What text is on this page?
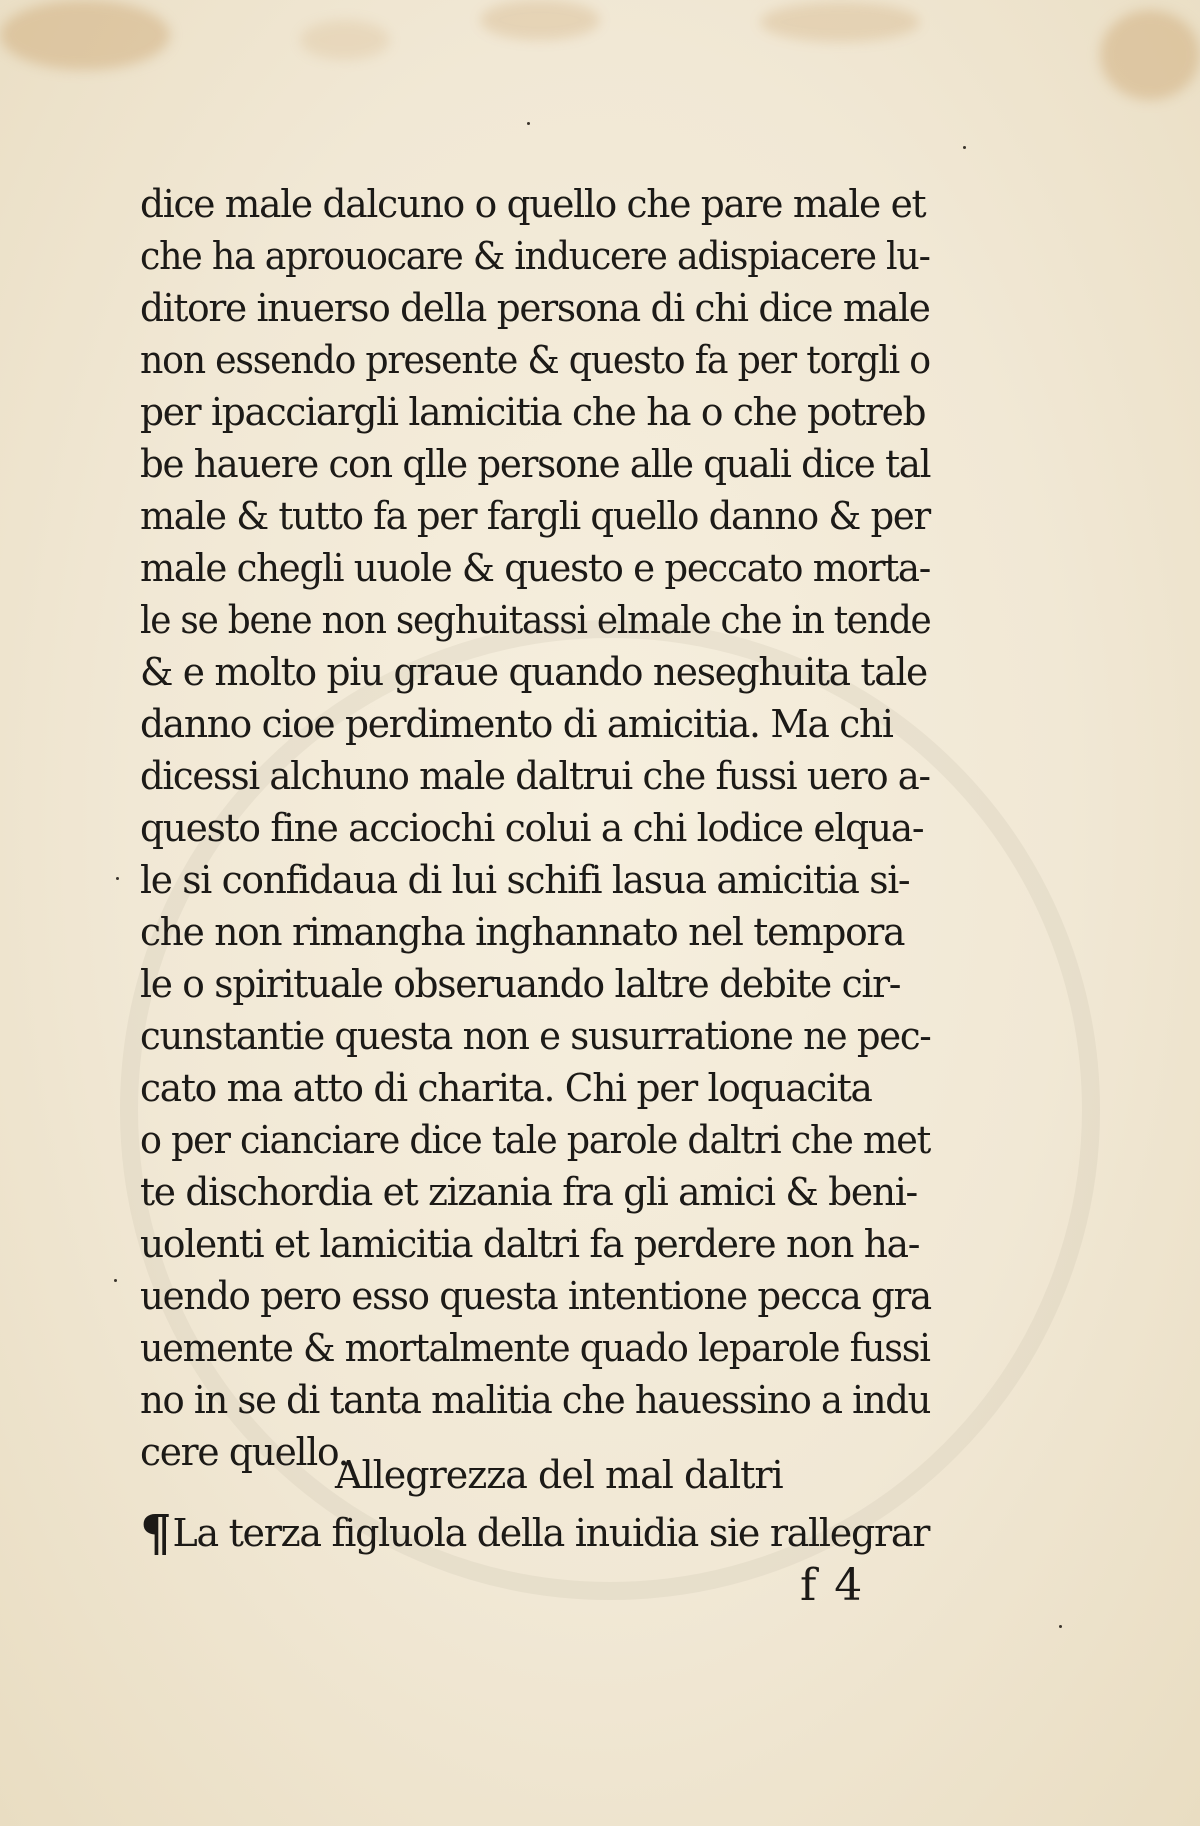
dice male dalcuno o quello che pare male et
che ha aprouocare & inducere adispiacere lu-
ditore inuerso della persona di chi dice male
non essendo presente & questo fa per torgli o
per ipacciargli lamicitia che ha o che potreb
be hauere con qlle persone alle quali dice tal
male & tutto fa per fargli quello danno & per
male chegli uuole & questo e peccato morta-
le se bene non seghuitassi elmale che in tende
& e molto piu graue quando neseghuita tale
danno cioe perdimento di amicitia. Ma chi
dicessi alchuno male daltrui che fussi uero a-
questo fine acciochi colui a chi lodice elqua-
le si confidaua di lui schifi lasua amicitia si-
che non rimangha inghannato nel tempora
le o spirituale obseruando laltre debite cir-
cunstantie questa non e susurratione ne pec-
cato ma atto di charita. Chi per loquacita
o per cianciare dice tale parole daltri che met
te dischordia et zizania fra gli amici & beni-
uolenti et lamicitia daltri fa perdere non ha-
uendo pero esso questa intentione pecca gra
uemente & mortalmente quado leparole fussi
no in se di tanta malitia che hauessino a indu
cere quello.
Allegrezza del mal daltri
¶La terza figluola della inuidia sie rallegrar
f 4
